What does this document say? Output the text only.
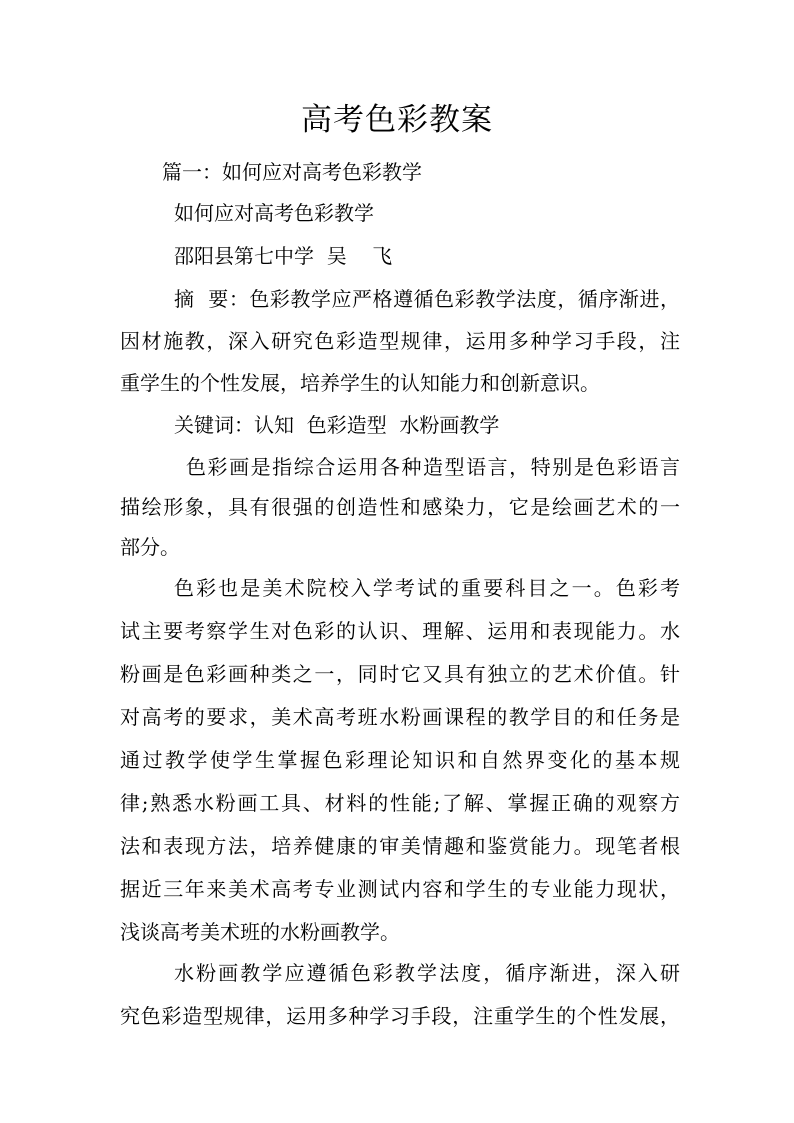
高考色彩教案
篇一：如何应对高考色彩教学
如何应对高考色彩教学
邵阳县第七中学  吴    飞
摘  要：色彩教学应严格遵循色彩教学法度，循序渐进，
因材施教，深入研究色彩造型规律，运用多种学习手段，注
重学生的个性发展，培养学生的认知能力和创新意识。
关键词：认知  色彩造型  水粉画教学
色彩画是指综合运用各种造型语言，特别是色彩语言
描绘形象，具有很强的创造性和感染力，它是绘画艺术的一
部分。
色彩也是美术院校入学考试的重要科目之一。色彩考
试主要考察学生对色彩的认识、理解、运用和表现能力。水
粉画是色彩画种类之一，同时它又具有独立的艺术价值。针
对高考的要求，美术高考班水粉画课程的教学目的和任务是
通过教学使学生掌握色彩理论知识和自然界变化的基本规
律;熟悉水粉画工具、材料的性能;了解、掌握正确的观察方
法和表现方法，培养健康的审美情趣和鉴赏能力。现笔者根
据近三年来美术高考专业测试内容和学生的专业能力现状，
浅谈高考美术班的水粉画教学。
水粉画教学应遵循色彩教学法度，循序渐进，深入研
究色彩造型规律，运用多种学习手段，注重学生的个性发展，
